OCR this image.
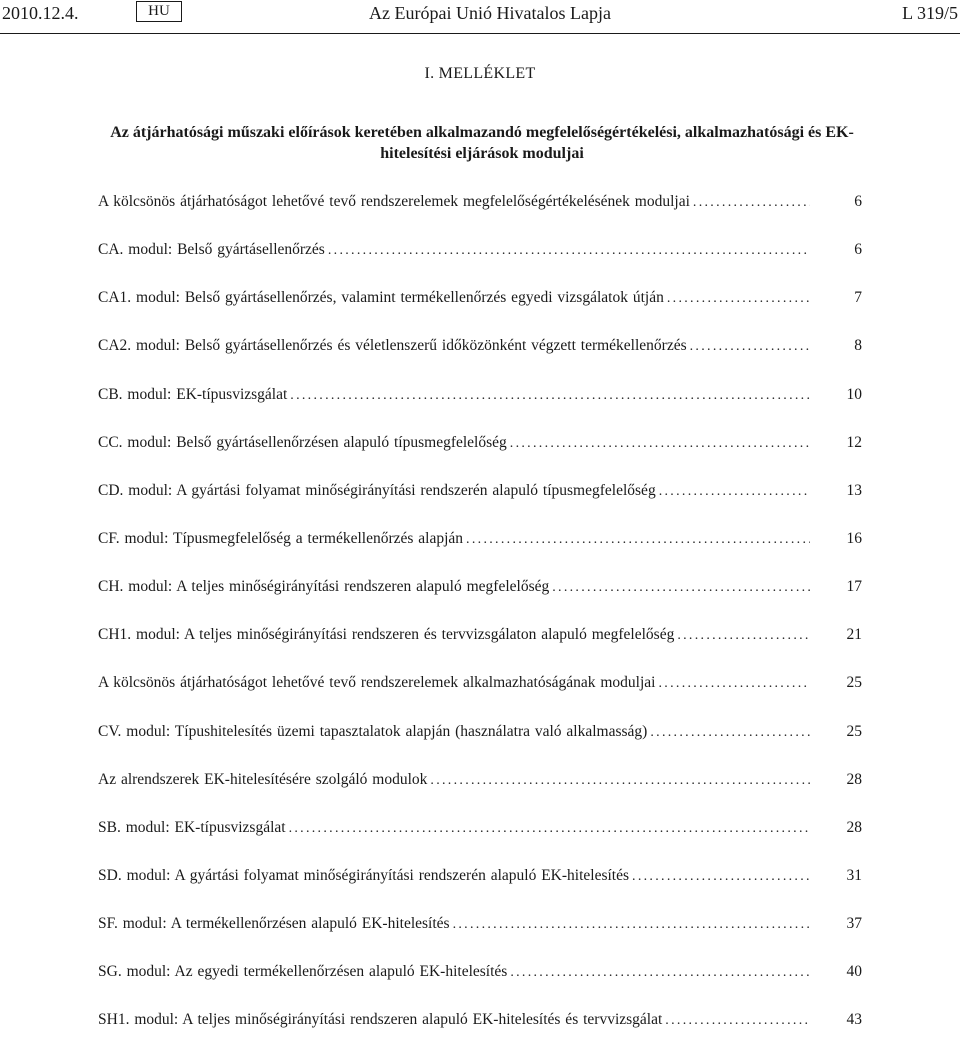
2010.12.4.	HU	Az Európai Unió Hivatalos Lapja	L 319/5
I. MELLÉKLET
Az átjárhatósági műszaki előírások keretében alkalmazandó megfelelőségértékelési, alkalmazhatósági és EK-hitelesítési eljárások moduljai
A kölcsönös átjárhatóságot lehetővé tevő rendszerelemek megfelelőségértékelésének moduljai .....	6
CA. modul: Belső gyártásellenőrzés .....	6
CA1. modul: Belső gyártásellenőrzés, valamint termékellenőrzés egyedi vizsgálatok útján .....	7
CA2. modul: Belső gyártásellenőrzés és véletlenszerű időközönként végzett termékellenőrzés .....	8
CB. modul: EK-típusvizsgálat .....	10
CC. modul: Belső gyártásellenőrzésen alapuló típusmegfelelőség .....	12
CD. modul: A gyártási folyamat minőségirányítási rendszerén alapuló típusmegfelelőség .....	13
CF. modul: Típusmegfelelőség a termékellenőrzés alapján .....	16
CH. modul: A teljes minőségirányítási rendszeren alapuló megfelelőség .....	17
CH1. modul: A teljes minőségirányítási rendszeren és tervvizsgálaton alapuló megfelelőség .....	21
A kölcsönös átjárhatóságot lehetővé tevő rendszerelemek alkalmazhatóságának moduljai .....	25
CV. modul: Típushitelesítés üzemi tapasztalatok alapján (használatra való alkalmasság) .....	25
Az alrendszerek EK-hitelesítésére szolgáló modulok .....	28
SB. modul: EK-típusvizsgálat .....	28
SD. modul: A gyártási folyamat minőségirányítási rendszerén alapuló EK-hitelesítés .....	31
SF. modul: A termékellenőrzésen alapuló EK-hitelesítés .....	37
SG. modul: Az egyedi termékellenőrzésen alapuló EK-hitelesítés .....	40
SH1. modul: A teljes minőségirányítási rendszeren alapuló EK-hitelesítés és tervvizsgálat .....	43
